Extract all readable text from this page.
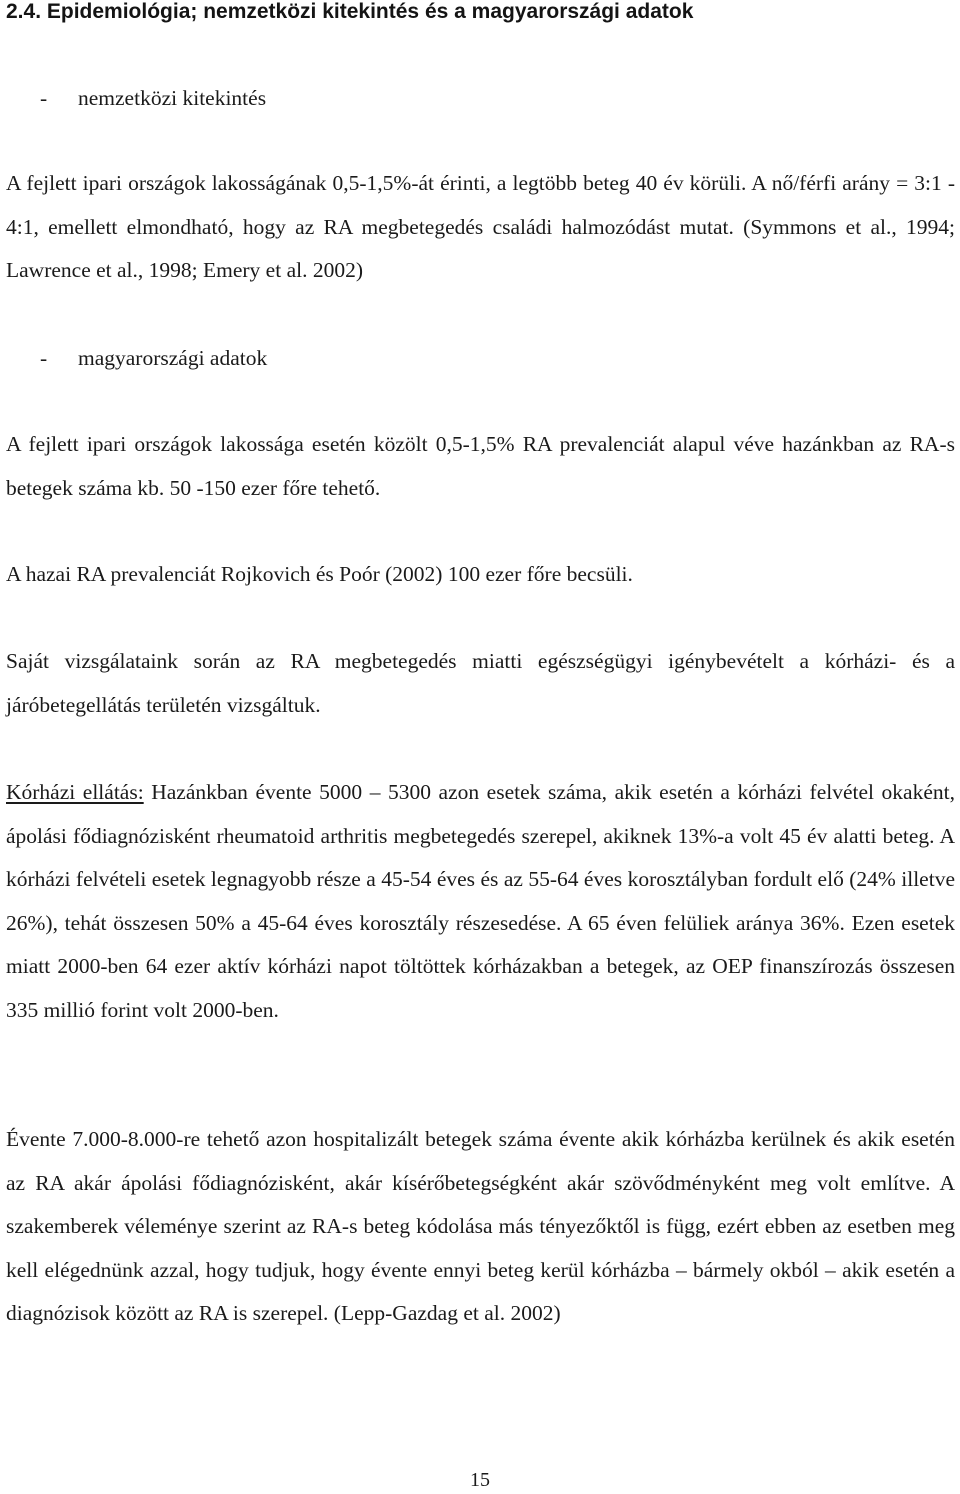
2.4. Epidemiológia; nemzetközi kitekintés és a magyarországi adatok

- nemzetközi kitekintés

A fejlett ipari országok lakosságának 0,5-1,5%-át érinti, a legtöbb beteg 40 év körüli. A nő/férfi arány = 3:1 - 4:1, emellett elmondható, hogy az RA megbetegedés családi halmozódást mutat. (Symmons et al., 1994; Lawrence et al., 1998; Emery et al. 2002)

- magyarországi adatok

A fejlett ipari országok lakossága esetén közölt 0,5-1,5% RA prevalenciát alapul véve hazánkban az RA-s betegek száma kb. 50 -150 ezer főre tehető.

A hazai RA prevalenciát Rojkovich és Poór (2002) 100 ezer főre becsüli.

Saját vizsgálataink során az RA megbetegedés miatti egészségügyi igénybevételt a kórházi- és a járóbetegellátás területén vizsgáltuk.

Kórházi ellátás: Hazánkban évente 5000 – 5300 azon esetek száma, akik esetén a kórházi felvétel okaként, ápolási fődiagnózisként rheumatoid arthritis megbetegedés szerepel, akiknek 13%-a volt 45 év alatti beteg. A kórházi felvételi esetek legnagyobb része a 45-54 éves és az 55-64 éves korosztályban fordult elő (24% illetve 26%), tehát összesen 50% a 45-64 éves korosztály részesedése. A 65 éven felüliek aránya 36%. Ezen esetek miatt 2000-ben 64 ezer aktív kórházi napot töltöttek kórházakban a betegek, az OEP finanszírozás összesen 335 millió forint volt 2000-ben.

Évente 7.000-8.000-re tehető azon hospitalizált betegek száma évente akik kórházba kerülnek és akik esetén az RA akár ápolási fődiagnózisként, akár kísérőbetegségként akár szövődményként meg volt említve. A szakemberek véleménye szerint az RA-s beteg kódolása más tényezőktől is függ, ezért ebben az esetben meg kell elégednünk azzal, hogy tudjuk, hogy évente ennyi beteg kerül kórházba – bármely okból – akik esetén a diagnózisok között az RA is szerepel. (Lepp-Gazdag et al. 2002)

15
